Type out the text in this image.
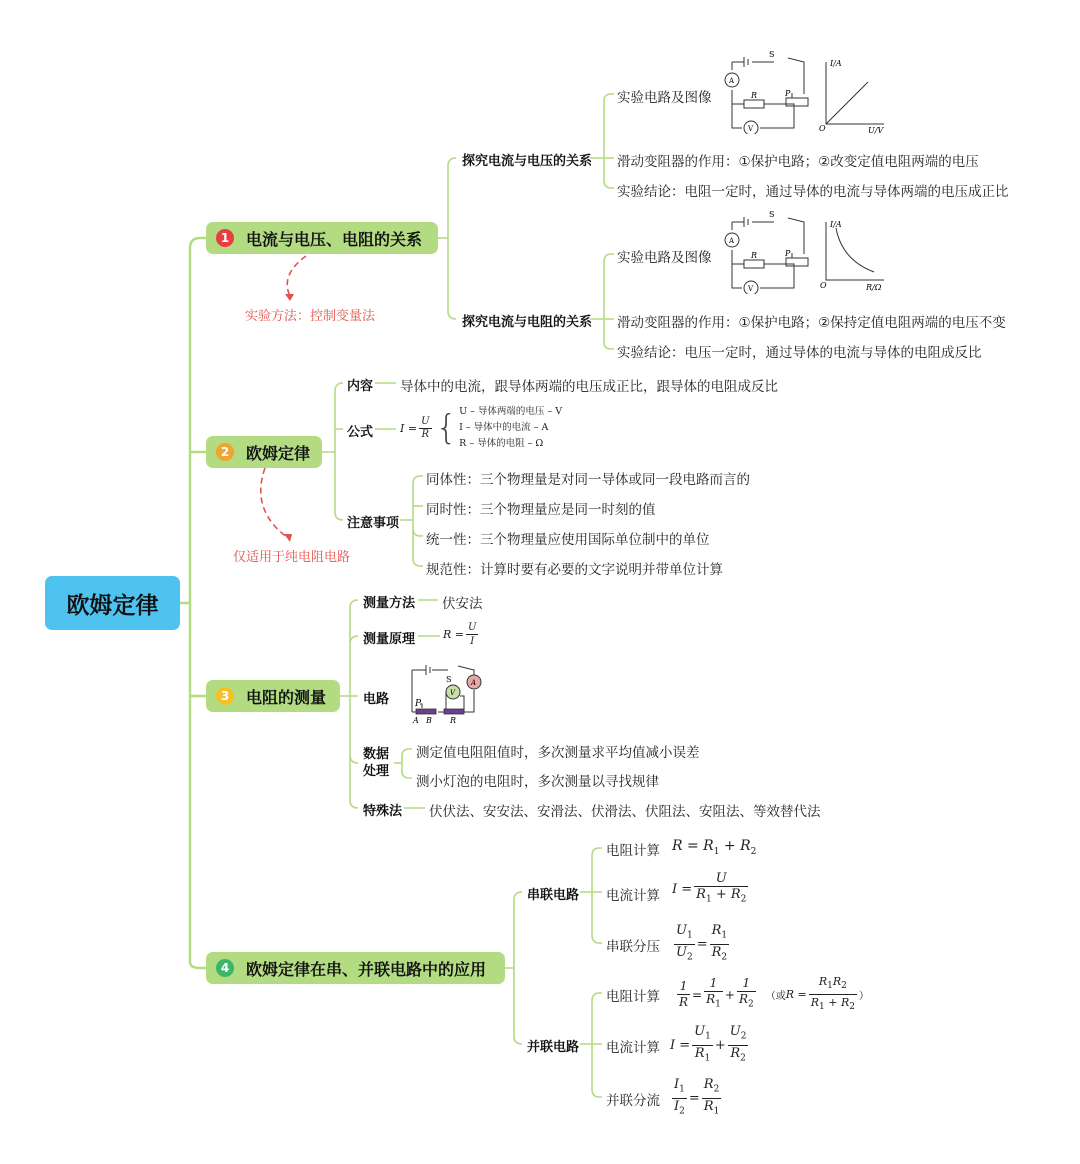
欧姆定律
1	电流与电压、电阻的关系
实验方法：控制变量法
探究电流与电压的关系
实验电路及图像
滑动变阻器的作用：①保护电路；②改变定值电阻两端的电压
实验结论：电阻一定时，通过导体的电流与导体两端的电压成正比
S
A
V
R	P
I/A
U/V
O
探究电流与电阻的关系
实验电路及图像
滑动变阻器的作用：①保护电路；②保持定值电阻两端的电压不变
实验结论：电压一定时，通过导体的电流与导体的电阻成反比
S
A
V
R	P
I/A
R/Ω
O
2	欧姆定律
仅适用于纯电阻电路
内容 导体中的电流，跟导体两端的电压成正比，跟导体的电阻成反比
公式 $I = \frac{U}{R}$ { U – 导体两端的电压 – V
I – 导体中的电流 – A
R – 导体的电阻 – Ω
注意事项
同体性：三个物理量是对同一导体或同一段电路而言的
同时性：三个物理量应是同一时刻的值
统一性：三个物理量应使用国际单位制中的单位
规范性：计算时要有必要的文字说明并带单位计算
3	电阻的测量
测量方法 伏安法
测量原理	$R = \frac{U}{I}$
电路
S
V
A
P
A B R
数据
处理
测定值电阻阻值时，多次测量求平均值减小误差
测小灯泡的电阻时，多次测量以寻找规律
特殊法 伏伏法、安安法、安滑法、伏滑法、伏阻法、安阻法、等效替代法
4	欧姆定律在串、并联电路中的应用
串联电路
电阻计算 $R = R_1 + R_2$
电流计算 $I = \frac{U}{R_1 + R_2}$
串联分压 $\frac{U_1}{U_2} = \frac{R_1}{R_2}$
并联电路
电阻计算 $\frac{1}{R} = \frac{1}{R_1} + \frac{1}{R_2}$ （或 $R = \frac{R_1R_2}{R_1 + R_2}$ ）
电流计算 $I = \frac{U_1}{R_1} + \frac{U_2}{R_2}$
并联分流 $\frac{I_1}{I_2} = \frac{R_2}{R_1}$
